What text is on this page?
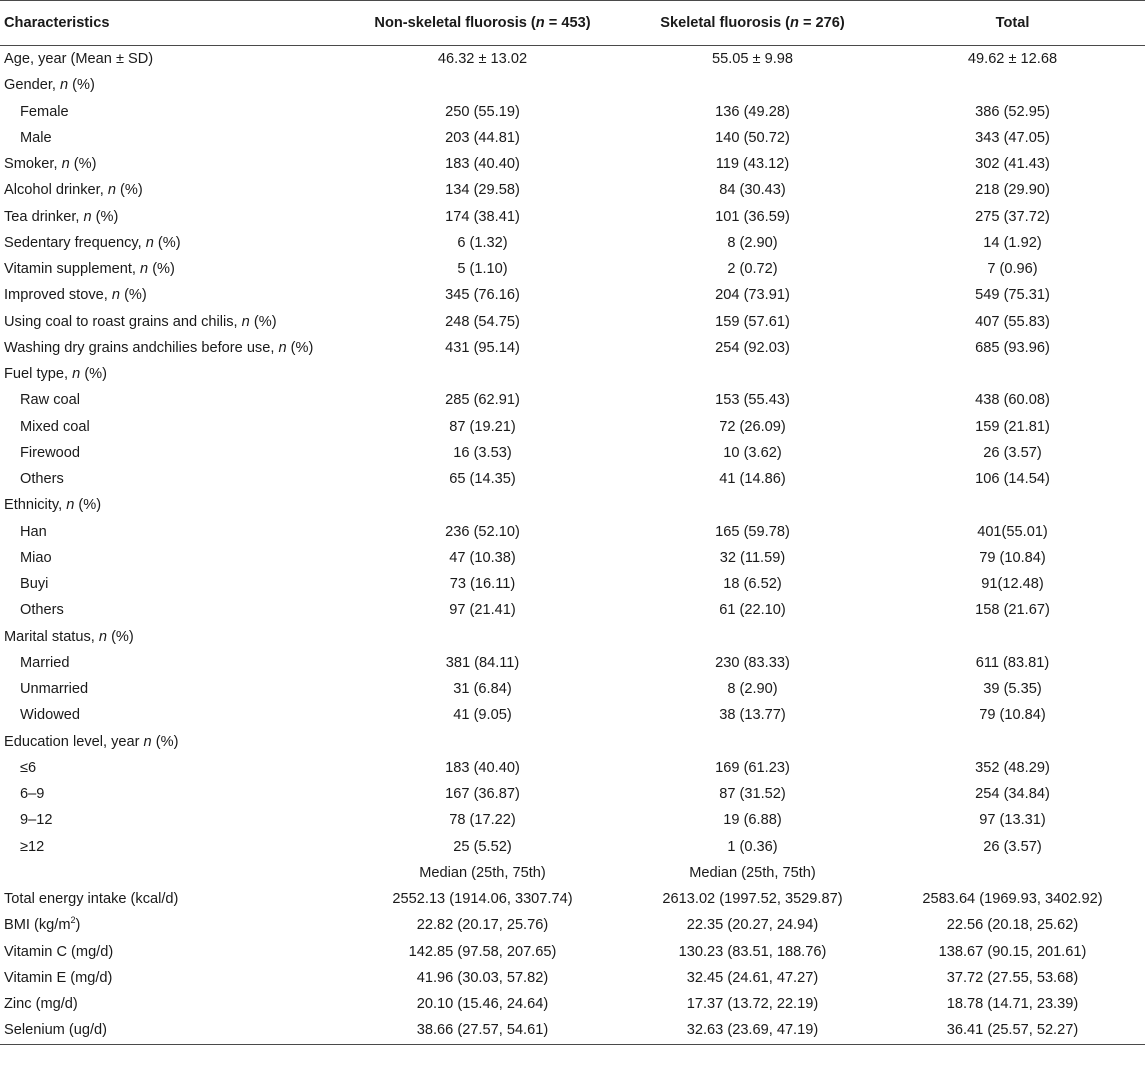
Characteristics	Non-skeletal fluorosis (n = 453)	Skeletal fluorosis (n = 276)	Total
Age, year (Mean ± SD)	46.32 ± 13.02	55.05 ± 9.98	49.62 ± 12.68
Gender, n (%)			
Female	250 (55.19)	136 (49.28)	386 (52.95)
Male	203 (44.81)	140 (50.72)	343 (47.05)
Smoker, n (%)	183 (40.40)	119 (43.12)	302 (41.43)
Alcohol drinker, n (%)	134 (29.58)	84 (30.43)	218 (29.90)
Tea drinker, n (%)	174 (38.41)	101 (36.59)	275 (37.72)
Sedentary frequency, n (%)	6 (1.32)	8 (2.90)	14 (1.92)
Vitamin supplement, n (%)	5 (1.10)	2 (0.72)	7 (0.96)
Improved stove, n (%)	345 (76.16)	204 (73.91)	549 (75.31)
Using coal to roast grains and chilis, n (%)	248 (54.75)	159 (57.61)	407 (55.83)
Washing dry grains andchilies before use, n (%)	431 (95.14)	254 (92.03)	685 (93.96)
Fuel type, n (%)			
Raw coal	285 (62.91)	153 (55.43)	438 (60.08)
Mixed coal	87 (19.21)	72 (26.09)	159 (21.81)
Firewood	16 (3.53)	10 (3.62)	26 (3.57)
Others	65 (14.35)	41 (14.86)	106 (14.54)
Ethnicity, n (%)			
Han	236 (52.10)	165 (59.78)	401(55.01)
Miao	47 (10.38)	32 (11.59)	79 (10.84)
Buyi	73 (16.11)	18 (6.52)	91(12.48)
Others	97 (21.41)	61 (22.10)	158 (21.67)
Marital status, n (%)			
Married	381 (84.11)	230 (83.33)	611 (83.81)
Unmarried	31 (6.84)	8 (2.90)	39 (5.35)
Widowed	41 (9.05)	38 (13.77)	79 (10.84)
Education level, year n (%)			
≤6	183 (40.40)	169 (61.23)	352 (48.29)
6–9	167 (36.87)	87 (31.52)	254 (34.84)
9–12	78 (17.22)	19 (6.88)	97 (13.31)
≥12	25 (5.52)	1 (0.36)	26 (3.57)
	Median (25th, 75th)	Median (25th, 75th)	
Total energy intake (kcal/d)	2552.13 (1914.06, 3307.74)	2613.02 (1997.52, 3529.87)	2583.64 (1969.93, 3402.92)
BMI $(kg/m^2)$	22.82 (20.17, 25.76)	22.35 (20.27, 24.94)	22.56 (20.18, 25.62)
Vitamin C (mg/d)	142.85 (97.58, 207.65)	130.23 (83.51, 188.76)	138.67 (90.15, 201.61)
Vitamin E (mg/d)	41.96 (30.03, 57.82)	32.45 (24.61, 47.27)	37.72 (27.55, 53.68)
Zinc (mg/d)	20.10 (15.46, 24.64)	17.37 (13.72, 22.19)	18.78 (14.71, 23.39)
Selenium (ug/d)	38.66 (27.57, 54.61)	32.63 (23.69, 47.19)	36.41 (25.57, 52.27)
